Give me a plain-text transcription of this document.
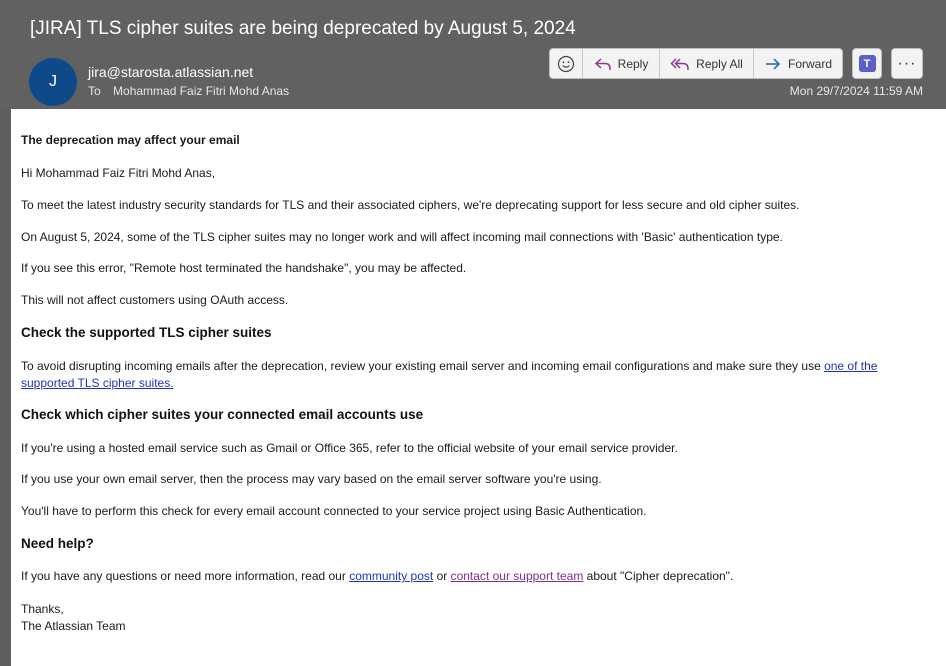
[JIRA] TLS cipher suites are being deprecated by August 5, 2024
J
jira@starosta.atlassian.net
To Mohammad Faiz Fitri Mohd Anas	Mon 29/7/2024 11:59 AM
Reply	Reply All	Forward	T	···
The deprecation may affect your email
Hi Mohammad Faiz Fitri Mohd Anas,
To meet the latest industry security standards for TLS and their associated ciphers, we're deprecating support for less secure and old cipher suites.
On August 5, 2024, some of the TLS cipher suites may no longer work and will affect incoming mail connections with 'Basic' authentication type.
If you see this error, "Remote host terminated the handshake", you may be affected.
This will not affect customers using OAuth access.
Check the supported TLS cipher suites
To avoid disrupting incoming emails after the deprecation, review your existing email server and incoming email configurations and make sure they use one of the supported TLS cipher suites.
Check which cipher suites your connected email accounts use
If you're using a hosted email service such as Gmail or Office 365, refer to the official website of your email service provider.
If you use your own email server, then the process may vary based on the email server software you're using.
You'll have to perform this check for every email account connected to your service project using Basic Authentication.
Need help?
If you have any questions or need more information, read our community post or contact our support team about "Cipher deprecation".
Thanks,
The Atlassian Team
